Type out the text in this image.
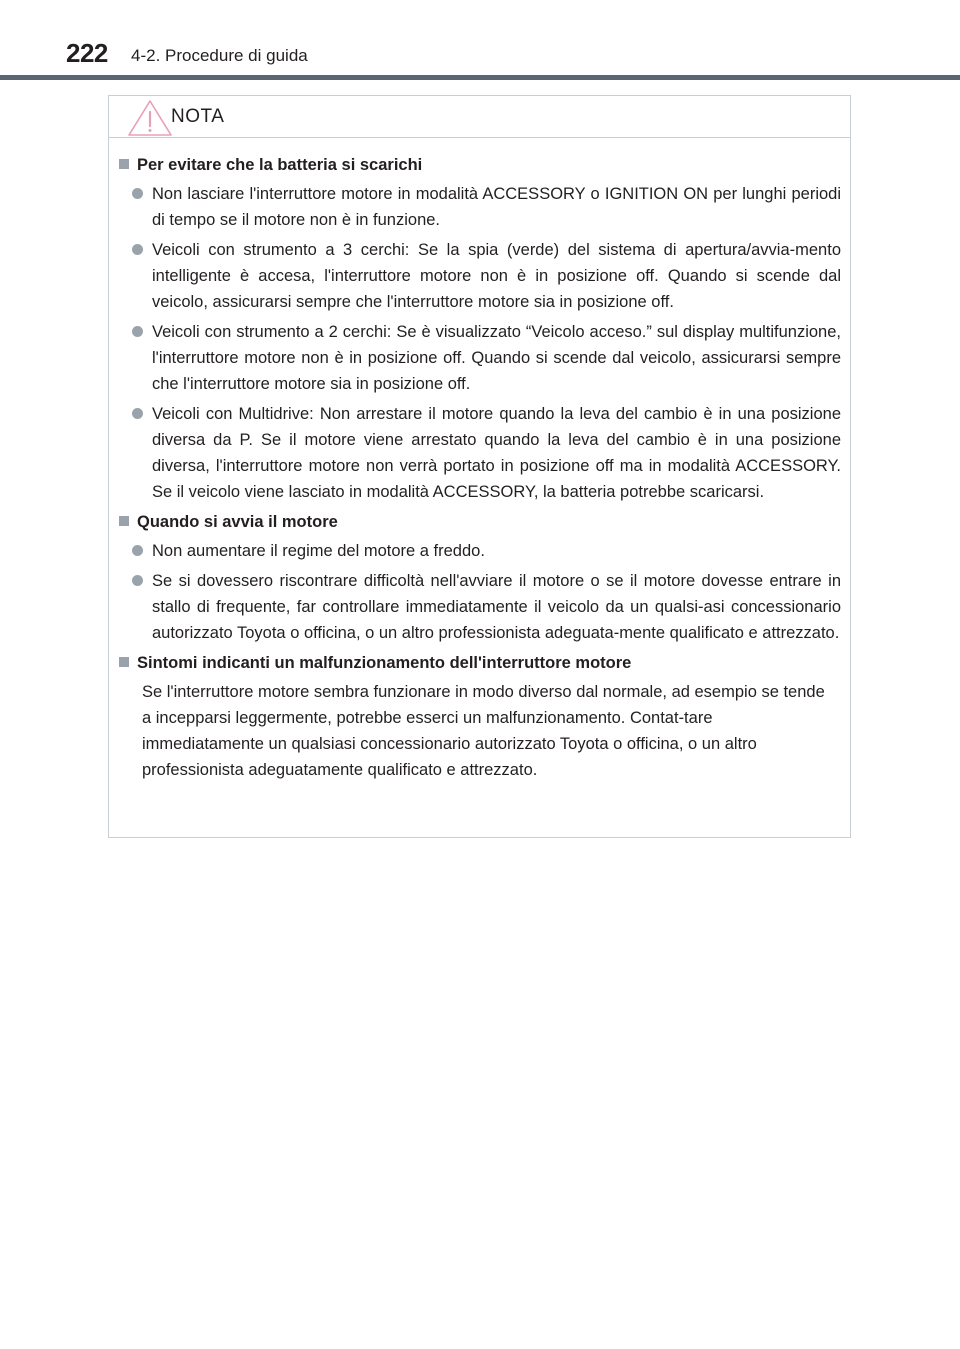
222 4-2. Procedure di guida
NOTA
Per evitare che la batteria si scarichi
Non lasciare l'interruttore motore in modalità ACCESSORY o IGNITION ON per lunghi periodi di tempo se il motore non è in funzione.
Veicoli con strumento a 3 cerchi: Se la spia (verde) del sistema di apertura/avvia-mento intelligente è accesa, l'interruttore motore non è in posizione off. Quando si scende dal veicolo, assicurarsi sempre che l'interruttore motore sia in posizione off.
Veicoli con strumento a 2 cerchi: Se è visualizzato “Veicolo acceso.” sul display multifunzione, l'interruttore motore non è in posizione off. Quando si scende dal veicolo, assicurarsi sempre che l'interruttore motore sia in posizione off.
Veicoli con Multidrive: Non arrestare il motore quando la leva del cambio è in una posizione diversa da P. Se il motore viene arrestato quando la leva del cambio è in una posizione diversa, l'interruttore motore non verrà portato in posizione off ma in modalità ACCESSORY. Se il veicolo viene lasciato in modalità ACCESSORY, la batteria potrebbe scaricarsi.
Quando si avvia il motore
Non aumentare il regime del motore a freddo.
Se si dovessero riscontrare difficoltà nell'avviare il motore o se il motore dovesse entrare in stallo di frequente, far controllare immediatamente il veicolo da un qualsi-asi concessionario autorizzato Toyota o officina, o un altro professionista adeguata-mente qualificato e attrezzato.
Sintomi indicanti un malfunzionamento dell'interruttore motore
Se l'interruttore motore sembra funzionare in modo diverso dal normale, ad esempio se tende a incepparsi leggermente, potrebbe esserci un malfunzionamento. Contat-tare immediatamente un qualsiasi concessionario autorizzato Toyota o officina, o un altro professionista adeguatamente qualificato e attrezzato.
